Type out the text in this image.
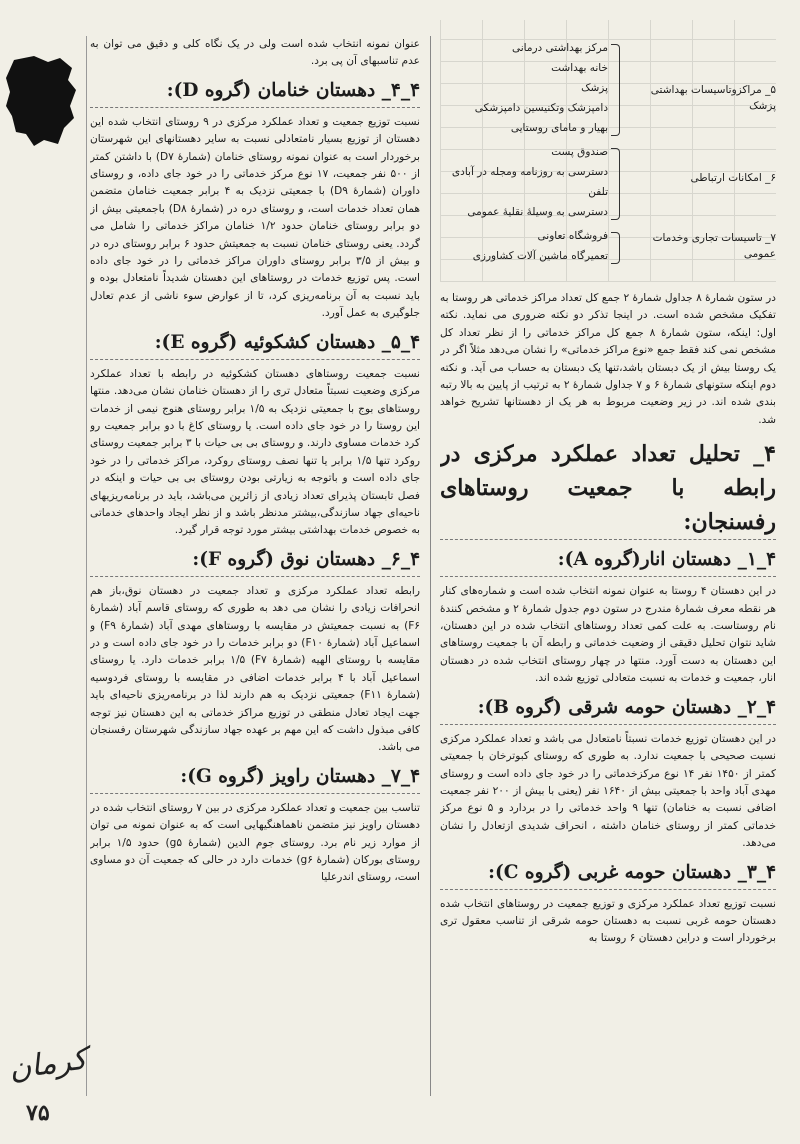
عنوان نمونه انتخاب شده است ولی در یک نگاه کلی و دقیق می توان به عدم تناسبهای آن پی برد.

۴_۴_ دهستان خنامان (گروه D):

نسبت توزیع جمعیت و تعداد عملکرد مرکزی در ۹ روستای انتخاب شده این دهستان از توزیع بسیار نامتعادلی نسبت به سایر دهستانهای این شهرستان برخوردار است به عنوان نمونه روستای خنامان (شمارهٔ D۷) با داشتن کمتر از ۵۰۰ نفر جمعیت، ۱۷ نوع مرکز خدماتی را در خود جای داده، و روستای داوران (شمارهٔ D۹) با جمعیتی نزدیک به ۴ برابر جمعیت خنامان متضمن همان تعداد خدمات است، و روستای دره در (شمارهٔ D۸) باجمعیتی بیش از دو برابر روستای خنامان حدود ۱/۲ خنامان مراکز خدماتی را شامل می گردد. یعنی روستای خنامان نسبت به جمعیتش حدود ۶ برابر روستای دره در و بیش از ۳/۵ برابر روستای داوران مراکز خدماتی را در خود جای داده است. پس توزیع خدمات در روستاهای این دهستان شدیداً نامتعادل بوده و باید نسبت به آن برنامه‌ریزی کرد، تا از عوارض سوء ناشی از عدم تعادل جلوگیری به عمل آورد.

۴_۵_ دهستان کشکوئیه (گروه E):

نسبت جمعیت روستاهای دهستان کشکوئیه در رابطه با تعداد عملکرد مرکزی وضعیت نسبتاً متعادل تری را از دهستان خنامان نشان می‌دهد. منتها روستاهای بوج با جمعیتی نزدیک به ۱/۵ برابر روستای هنوج نیمی از خدمات این روستا را در خود جای داده است. یا روستای کاغ با دو برابر جمعیت رو کرد خدمات مساوی دارند. و روستای بی بی حیات با ۳ برابر جمعیت روستای روکرد تنها ۱/۵ برابر یا تنها نصف روستای روکرد، مراکز خدماتی را در خود جای داده است و باتوجه به زیارتی بودن روستای بی بی حیات و اینکه در فصل تابستان پذیرای تعداد زیادی از زائرین می‌باشد، باید در برنامه‌ریزیهای ناحیه‌ای جهاد سازندگی،بیشتر مدنظر باشد و از نظر ایجاد واحدهای خدماتی به خصوص خدمات بهداشتی بیشتر مورد توجه قرار گیرد.

۴_۶_ دهستان نوق (گروه F):

رابطه تعداد عملکرد مرکزی و تعداد جمعیت در دهستان نوق،باز هم انحرافات زیادی را نشان می دهد به طوری که روستای قاسم آباد (شمارهٔ F۶) به نسبت جمعیتش در مقایسه با روستاهای مهدی آباد (شمارهٔ F۹) و اسماعیل آباد (شمارهٔ F۱۰) دو برابر خدمات را در خود جای داده است و در مقایسه با روستای الهیه (شمارهٔ F۷) ۱/۵ برابر خدمات دارد. یا روستای اسماعیل آباد با ۴ برابر خدمات اضافی در مقایسه با روستای فردوسیه (شمارهٔ F۱۱) جمعیتی نزدیک به هم دارند لذا در برنامه‌ریزی ناحیه‌ای باید جهت ایجاد تعادل منطقی در توزیع مراکز خدماتی به این دهستان نیز توجه کافی مبذول داشت که این مهم بر عهده جهاد سازندگی شهرستان رفسنجان می باشد.

۴_۷_ دهستان راویز (گروه G):

تناسب بین جمعیت و تعداد عملکرد مرکزی در بین ۷ روستای انتخاب شده در دهستان راویز نیز متضمن ناهماهنگیهایی است که به عنوان نمونه می توان از موارد زیر نام برد. روستای جوم الدین (شمارهٔ g۵) حدود ۱/۵ برابر روستای بورکان (شمارهٔ g۶) خدمات دارد در حالی که جمعیت آن دو مساوی است، روستای اندرعلیا

۵_ مراکزوتاسیسات بهداشتی پزشک
مرکز بهداشتی درمانی
خانه بهداشت
پزشک
دامپزشک وتکنیسین دامپزشکی
بهیار و مامای روستایی
۶_ امکانات ارتباطی
صندوق پست
دسترسی به روزنامه ومجله در آبادی
تلفن
دسترسی به وسیلهٔ نقلیهٔ عمومی
۷_ تاسیسات تجاری وخدمات عمومی
فروشگاه تعاونی
تعمیرگاه ماشین آلات کشاورزی

در ستون شمارهٔ ۸ جداول شمارهٔ ۲ جمع کل تعداد مراکز خدماتی هر روستا به تفکیک مشخص شده است. در اینجا تذکر دو نکته ضروری می نماید. نکته اول: اینکه، ستون شمارهٔ ۸ جمع کل مراکز خدماتی را از نظر تعداد کل مشخص نمی کند فقط جمع «نوع مراکز خدماتی» را نشان می‌دهد مثلاً اگر در یک روستا بیش از یک دبستان باشد،تنها یک دبستان به حساب می آید. و نکته دوم اینکه ستونهای شمارهٔ ۶ و ۷ جداول شمارهٔ ۲ به ترتیب از پایین به بالا رتبه بندی شده اند. در زیر وضعیت مربوط به هر یک از دهستانها تشریح خواهد شد.

۴_ تحلیل تعداد عملکرد مرکزی در رابطه با جمعیت روستاهای رفسنجان:
۴_۱_ دهستان انار(گروه A):

در این دهستان ۴ روستا به عنوان نمونه انتخاب شده است و شماره‌های کنار هر نقطه معرف شمارهٔ مندرج در ستون دوم جدول شمارهٔ ۲ و مشخص کنندهٔ نام روستاست. به علت کمی تعداد روستاهای انتخاب شده در این دهستان، شاید نتوان تحلیل دقیقی از وضعیت خدماتی و رابطه آن با جمعیت روستاهای این دهستان به دست آورد. منتها در چهار روستای انتخاب شده در دهستان انار، جمعیت و خدمات به نسبت متعادلی توزیع شده اند.

۴_۲_ دهستان حومه شرقی (گروه B):

در این دهستان توزیع خدمات نسبتاً نامتعادل می باشد و تعداد عملکرد مرکزی نسبت صحیحی با جمعیت ندارد. به طوری که روستای کبوترخان با جمعیتی کمتر از ۱۴۵۰ نفر ۱۴ نوع مرکزخدماتی را در خود جای داده است و روستای مهدی آباد واحد با جمعیتی بیش از ۱۶۴۰ نفر (یعنی با بیش از ۲۰۰ نفر جمعیت اضافی نسبت به خنامان) تنها ۹ واحد خدماتی را در بردارد و ۵ نوع مرکز خدماتی کمتر از روستای خنامان داشته ، انحراف شدیدی ازتعادل را نشان می‌دهد.

۴_۳_ دهستان حومه غربی (گروه C):

نسبت توزیع تعداد عملکرد مرکزی و توزیع جمعیت در روستاهای انتخاب شده دهستان حومه غربی نسبت به دهستان حومه شرقی از تناسب معقول تری برخوردار است و دراین دهستان ۶ روستا به

کرمان
۷۵
